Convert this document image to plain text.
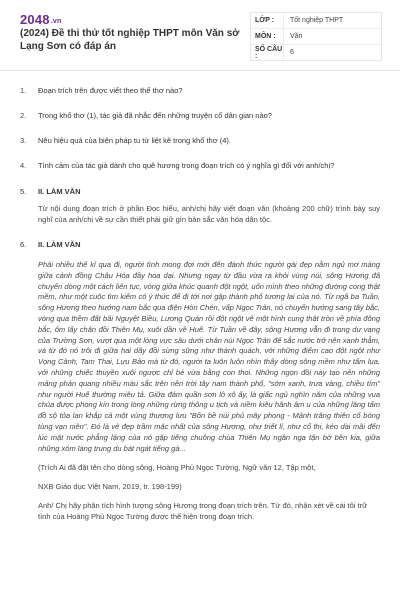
2048.vn
(2024) Đề thi thử tốt nghiệp THPT môn Văn sở Lạng Sơn có đáp án
LỚP :	Tốt nghiệp THPT
MÔN :	Văn
SỐ CÂU :	6
1.	Đoạn trích trên được viết theo thể thơ nào?
2.	Trong khổ thơ (1), tác giả đã nhắc đến những truyện cổ dân gian nào?
3.	Nêu hiệu quả của biện pháp tu từ liệt kê trong khổ thơ (4).
4.	Tình cảm của tác giả dành cho quê hương trong đoạn trích có ý nghĩa gì đối với anh/chị?
5.	II. LÀM VĂN
Từ nội dung đoạn trích ở phần Đọc hiểu, anh/chị hãy viết đoạn văn (khoảng 200 chữ) trình bày suy nghĩ của anh/chị về sự cần thiết phải giữ gìn bản sắc văn hóa dân tộc.
6.	II. LÀM VĂN
Phải nhiều thế kỉ qua đi, người tình mong đợi mới đến đánh thức người gái đẹp nằm ngủ mơ màng giữa cánh đồng Châu Hóa đầy hoa dại. Nhưng ngay từ đầu vừa ra khỏi vùng núi, sông Hương đã chuyển dòng một cách liên tục, vòng giữa khúc quanh đột ngột, uốn mình theo những đường cong thật mềm, như một cuộc tìm kiếm có ý thức để đi tới nơi gặp thành phố tương lai của nó. Từ ngã ba Tuần, sông Hương theo hướng nam bắc qua điện Hòn Chén, vấp Ngọc Trản, nó chuyển hướng sang tây bắc, vòng qua thềm đất bãi Nguyệt Biều, Lương Quán rồi đột ngột vẽ một hình cung thật tròn về phía đông bắc, ôm lấy chân đồi Thiên Mụ, xuôi dần về Huế. Từ Tuần về đây, sông Hương vẫn đi trong dư vang của Trường Sơn, vượt qua một lòng vực sâu dưới chân núi Ngọc Trản để sắc nước trở nên xanh thẳm, và từ đó nó trôi đi giữa hai dãy đồi sừng sững như thành quách, với những điểm cao đột ngột như Vọng Cảnh, Tam Thai, Lựu Bảo mà từ đó, người ta luôn luôn nhìn thấy dòng sông mềm như tấm lụa, với những chiếc thuyền xuôi ngược chỉ bé vừa bằng con thoi. Những ngọn đồi này tạo nên những mảng phản quang nhiều màu sắc trên nền trời tây nam thành phố, "sớm xanh, trưa vàng, chiều tím" như người Huế thường miêu tả. Giữa đám quần sơn lô xô ấy, là giấc ngủ nghìn năm của những vua chúa được phong kín trong lòng những rừng thông u tịch và niềm kiêu hãnh âm u của những lăng tẩm đồ sộ tỏa lan khắp cả một vùng thượng lưu "Bốn bề núi phủ mây phong - Mảnh trăng thiên cổ bóng tùng vạn niên". Đó là vẻ đẹp trầm mặc nhất của sông Hương, như triết lí, như cổ thi, kéo dài mãi đến lúc mặt nước phẳng lặng của nó gặp tiếng chuông chùa Thiên Mụ ngân nga tận bờ bên kia, giữa những xóm làng trung du bát ngát tiếng gà...
(Trích Ai đã đặt tên cho dòng sông, Hoàng Phủ Ngọc Tường, Ngữ văn 12, Tập một,
NXB Giáo dục Việt Nam, 2019, tr. 198-199)
Anh/ Chị hãy phân tích hình tượng sông Hương trong đoạn trích trên. Từ đó, nhận xét về cái tôi trữ tình của Hoàng Phủ Ngọc Tường được thể hiện trong đoạn trích.
